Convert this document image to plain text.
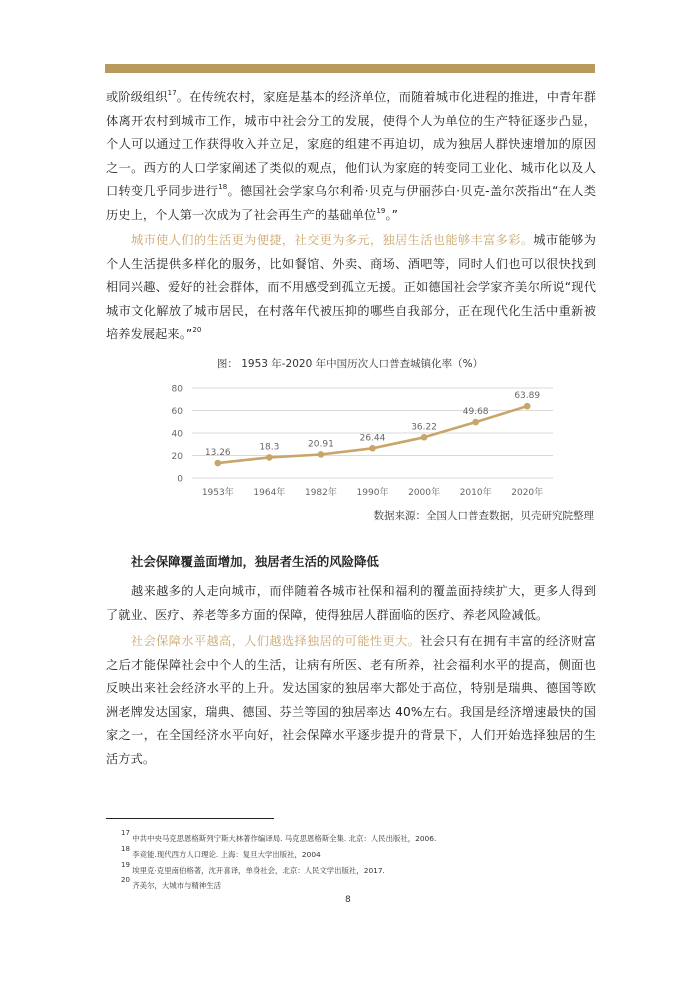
或阶级组织$^{17}$。在传统农村，家庭是基本的经济单位，而随着城市化进程的推进，中青年群体离开农村到城市工作，城市中社会分工的发展，使得个人为单位的生产特征逐步凸显，个人可以通过工作获得收入并立足，家庭的组建不再迫切，成为独居人群快速增加的原因之一。西方的人口学家阐述了类似的观点，他们认为家庭的转变同工业化、城市化以及人口转变几乎同步进行$^{18}$。德国社会学家乌尔利希·贝克与伊丽莎白·贝克-盖尔茨指出“在人类历史上，个人第一次成为了社会再生产的基础单位$^{19}$。”

城市使人们的生活更为便捷，社交更为多元，独居生活也能够丰富多彩。城市能够为个人生活提供多样化的服务，比如餐馆、外卖、商场、酒吧等，同时人们也可以很快找到相同兴趣、爱好的社会群体，而不用感受到孤立无援。正如德国社会学家齐美尔所说“现代城市文化解放了城市居民，在村落年代被压抑的哪些自我部分，正在现代化生活中重新被培养发展起来。”$^{20}$

图： 1953 年-2020 年中国历次人口普查城镇化率（%）
0
20
40
60
80
1953年 1964年 1982年 1990年 2000年 2010年 2020年
13.26
18.3	20.91
26.44
36.22
49.68
63.89
数据来源：全国人口普查数据，贝壳研究院整理
社会保障覆盖面增加，独居者生活的风险降低

越来越多的人走向城市，而伴随着各城市社保和福利的覆盖面持续扩大，更多人得到了就业、医疗、养老等多方面的保障，使得独居人群面临的医疗、养老风险减低。

社会保障水平越高，人们越选择独居的可能性更大。社会只有在拥有丰富的经济财富之后才能保障社会中个人的生活，让病有所医、老有所养，社会福利水平的提高，侧面也反映出来社会经济水平的上升。发达国家的独居率大都处于高位，特别是瑞典、德国等欧洲老牌发达国家，瑞典、德国、芬兰等国的独居率达 40%左右。我国是经济增速最快的国家之一，在全国经济水平向好，社会保障水平逐步提升的背景下，人们开始选择独居的生活方式。

$^{17}$ 中共中央马克思恩格斯列宁斯大林著作编译局. 马克思恩格斯全集. 北京：人民出版社，2006.
$^{18}$ 李竞能.现代西方人口理论. 上海：复旦大学出版社，2004
$^{19}$ 埃里克·克里南伯格著，沈开喜译，单身社会，北京：人民文学出版社，2017.
$^{20}$ 齐美尔，大城市与精神生活
8
